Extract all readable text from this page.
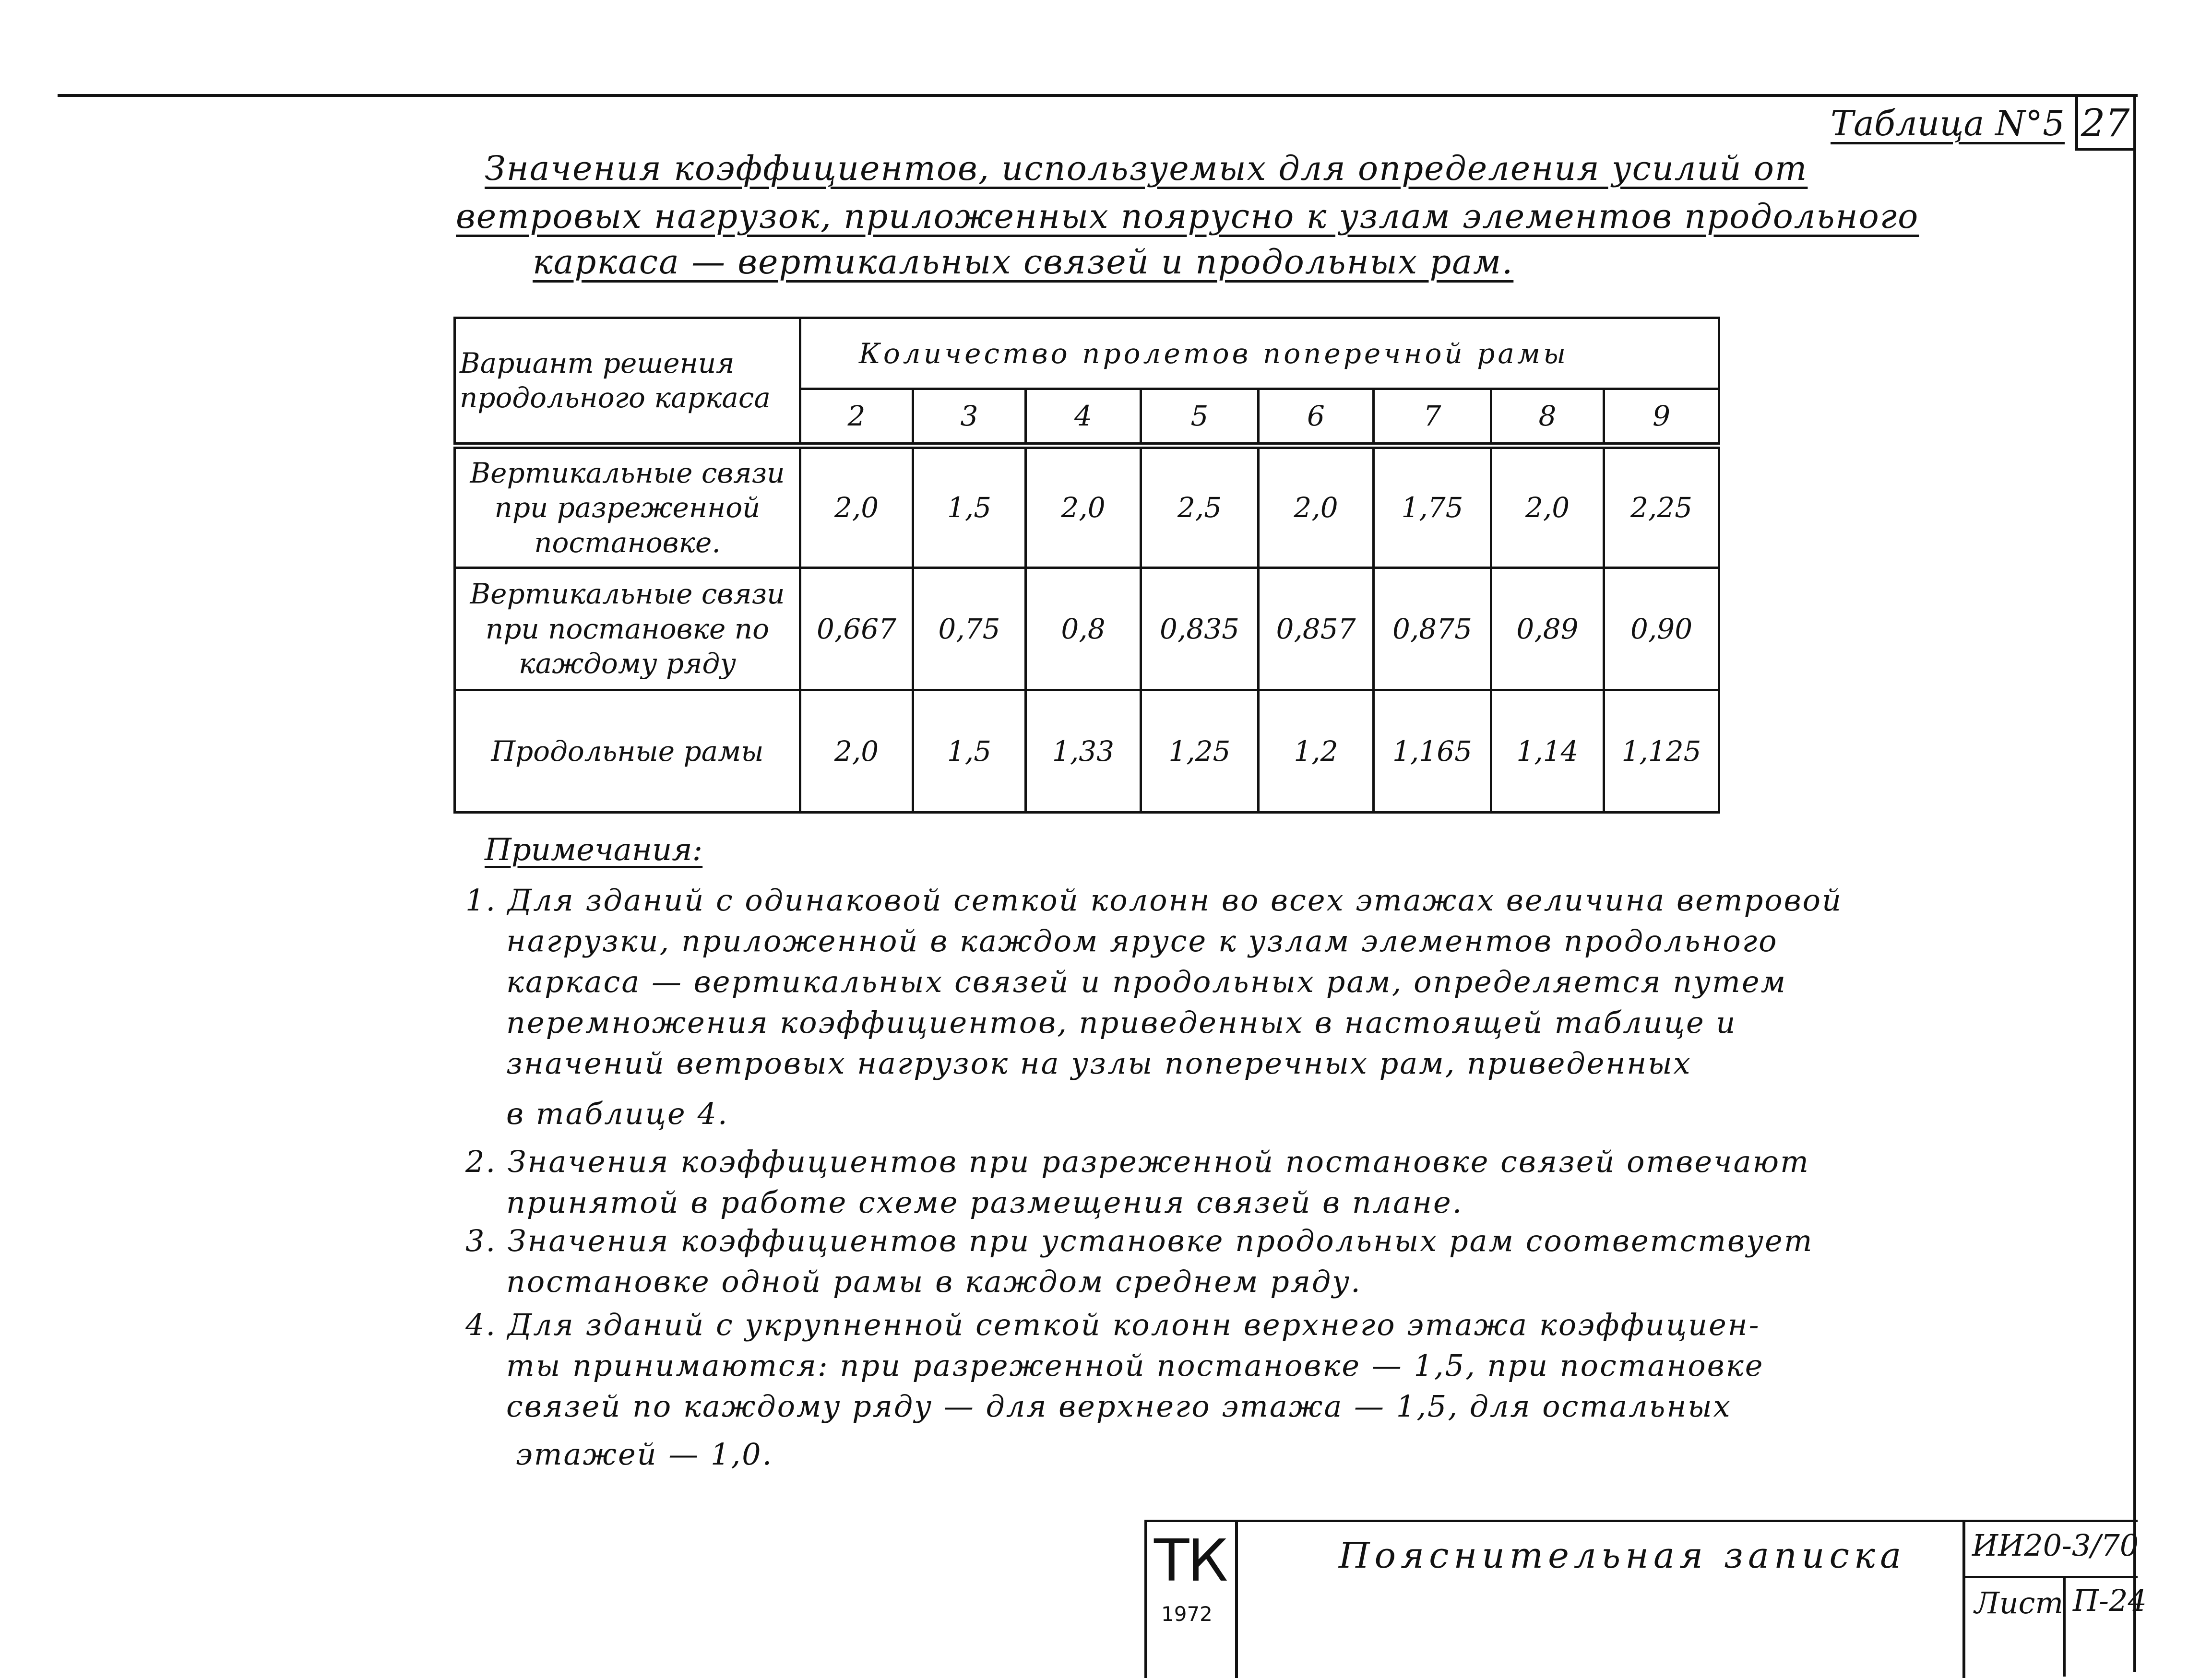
Таблица N°5 27
Значения коэффициентов, используемых для определения усилий от
ветровых нагрузок, приложенных поярусно к узлам элементов продольного
каркаса — вертикальных связей и продольных рам.
Вариант решения продольного каркаса	Количество пролетов поперечной рамы							
	2	3	4	5	6	7	8	9
Вертикальные связи при разреженной постановке.	2,0	1,5	2,0	2,5	2,0	1,75	2,0	2,25
Вертикальные связи при постановке по каждому ряду	0,667	0,75	0,8	0,835	0,857	0,875	0,89	0,90
Продольные рамы	2,0	1,5	1,33	1,25	1,2	1,165	1,14	1,125
Примечания:
1. Для зданий с одинаковой сеткой колонн во всех этажах величина ветровой
нагрузки, приложенной в каждом ярусе к узлам элементов продольного
каркаса — вертикальных связей и продольных рам, определяется путем
перемножения коэффициентов, приведенных в настоящей таблице и
значений ветровых нагрузок на узлы поперечных рам, приведенных
в таблице 4.
2. Значения коэффициентов при разреженной постановке связей отвечают
принятой в работе схеме размещения связей в плане.
3. Значения коэффициентов при установке продольных рам соответствует
постановке одной рамы в каждом среднем ряду.
4. Для зданий с укрупненной сеткой колонн верхнего этажа коэффициен-
ты принимаются: при разреженной постановке — 1,5, при постановке
связей по каждому ряду — для верхнего этажа — 1,5, для остальных
этажей — 1,0.
ТК
1972
Пояснительная записка ИИ20-3/70
Лист П-24
